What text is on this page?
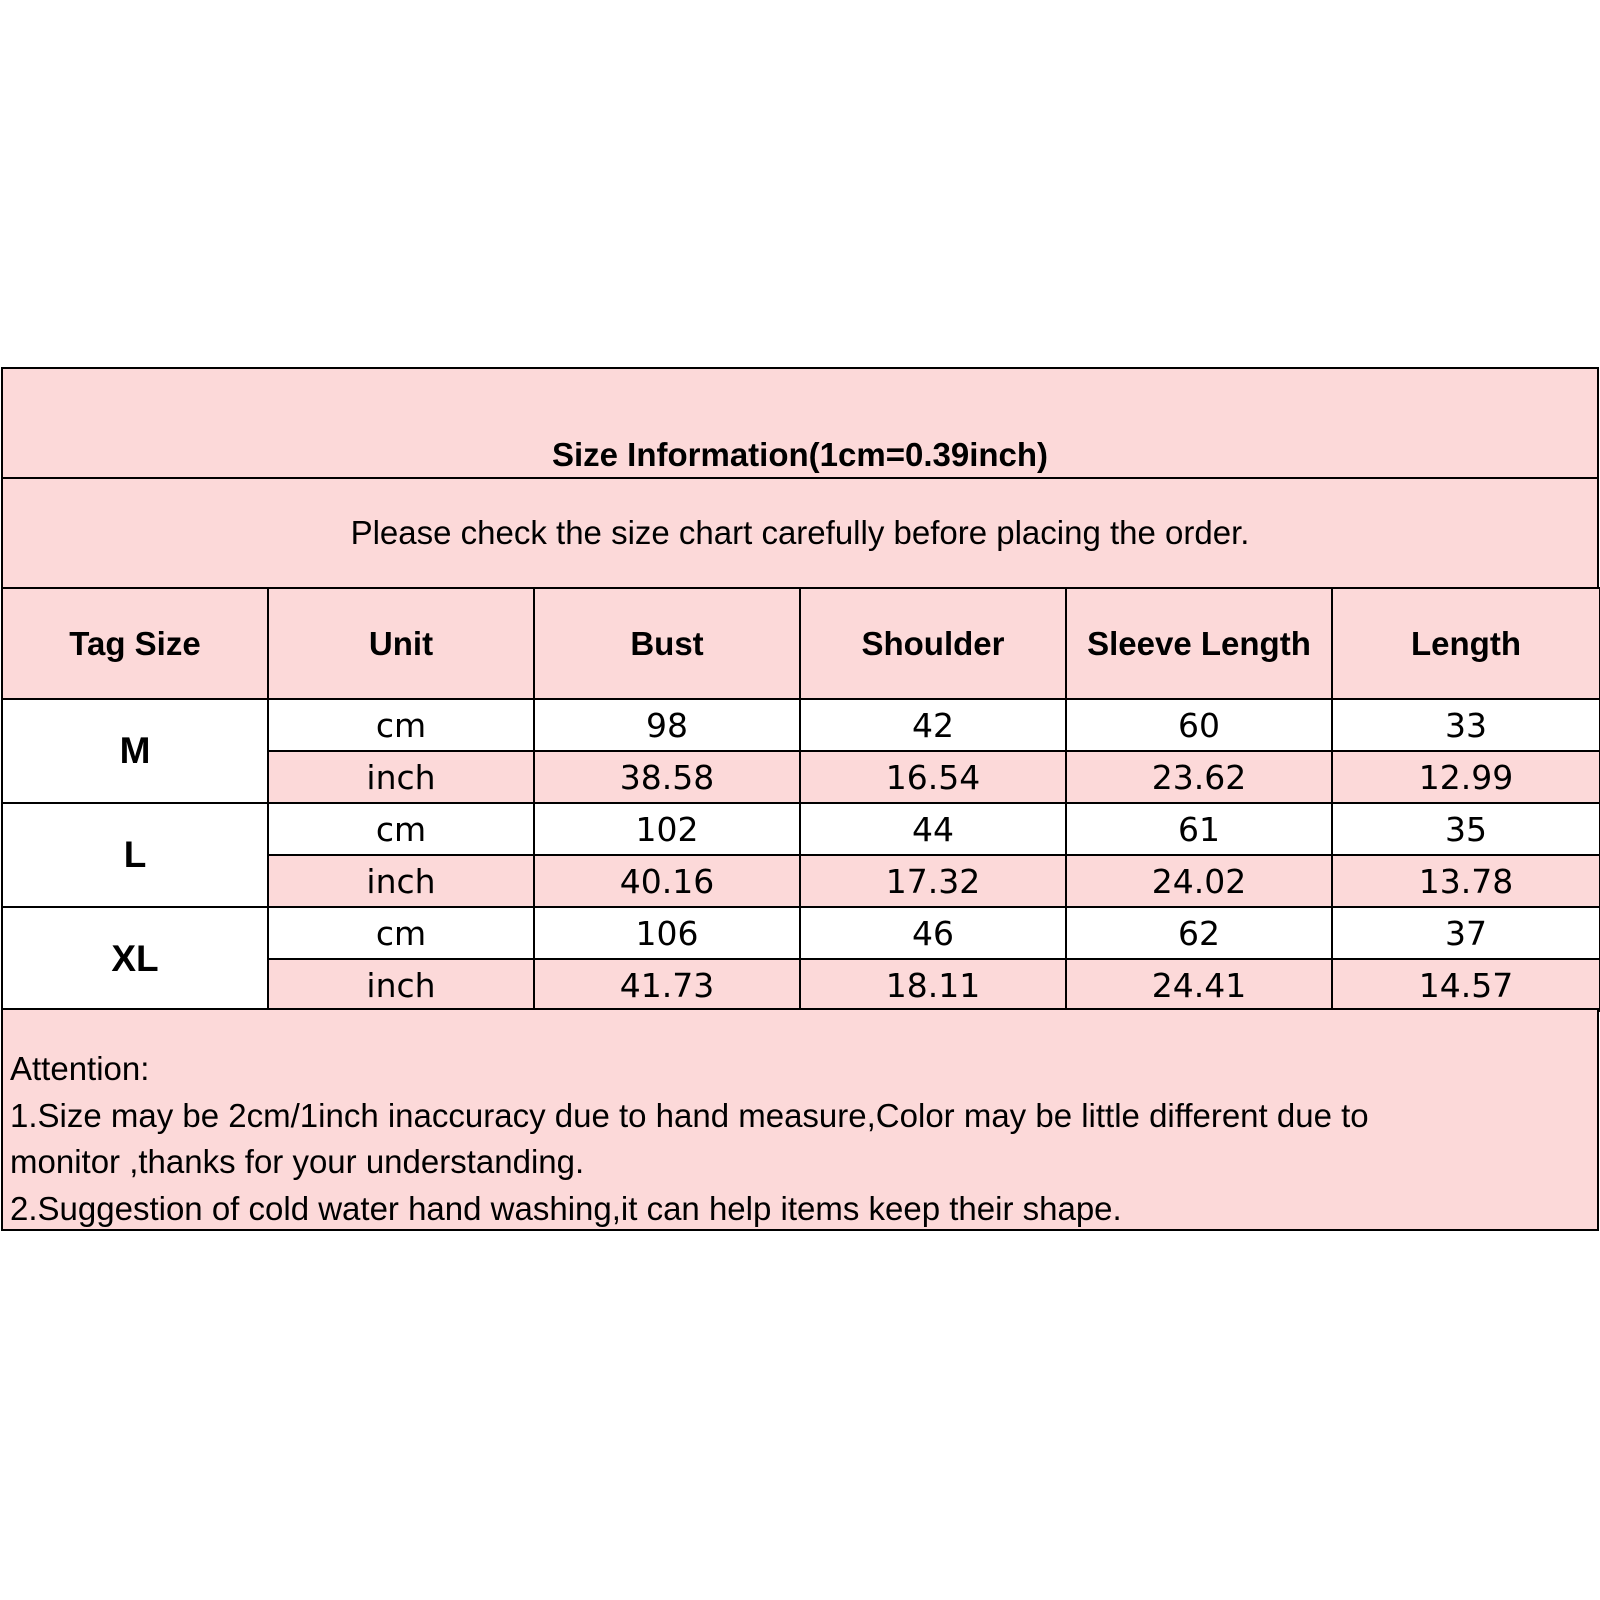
Size Information(1cm=0.39inch)
Please check the size chart carefully before placing the order.
Tag Size	Unit	Bust	Shoulder	Sleeve Length	Length
M	cm	98	42	60	33
	inch	38.58	16.54	23.62	12.99
L	cm	102	44	61	35
	inch	40.16	17.32	24.02	13.78
XL	cm	106	46	62	37
	inch	41.73	18.11	24.41	14.57
Attention:
1.Size may be 2cm/1inch inaccuracy due to hand measure,Color may be little different due to
monitor ,thanks for your understanding.
2.Suggestion of cold water hand washing,it can help items keep their shape.
